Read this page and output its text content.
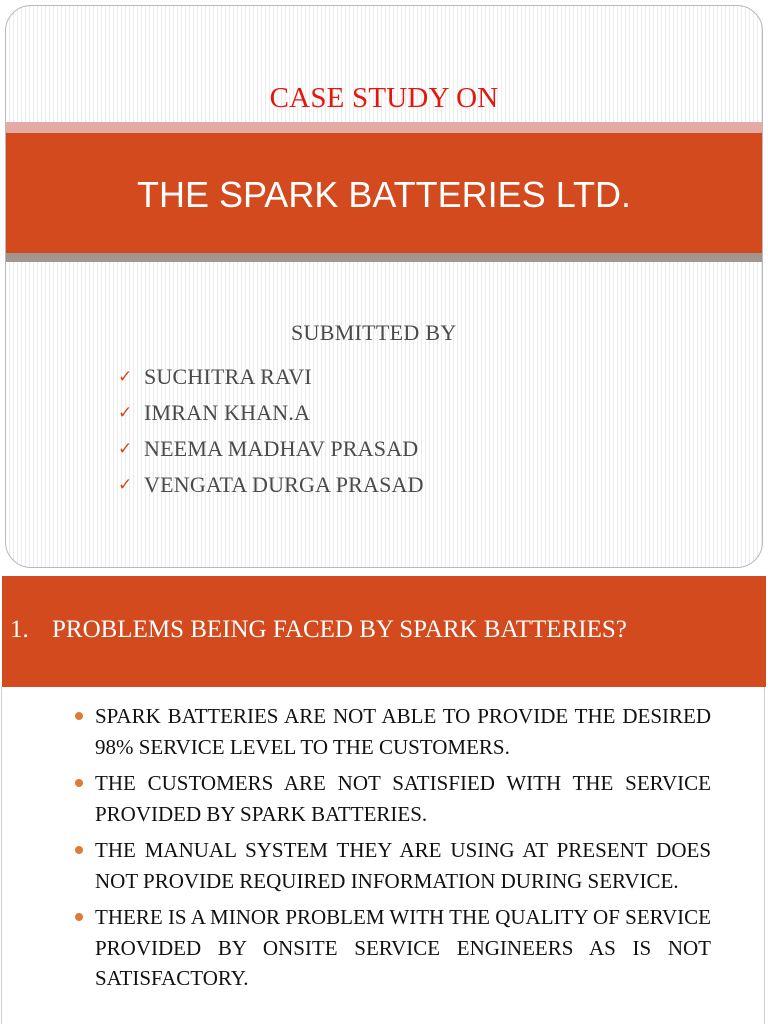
CASE STUDY ON
THE SPARK BATTERIES LTD.
SUBMITTED BY
✓ SUCHITRA RAVI
✓ IMRAN KHAN.A
✓ NEEMA MADHAV PRASAD
✓ VENGATA DURGA PRASAD
1. PROBLEMS BEING FACED BY SPARK BATTERIES?
SPARK BATTERIES ARE NOT ABLE TO PROVIDE THE DESIRED 98% SERVICE LEVEL TO THE CUSTOMERS.
THE CUSTOMERS ARE NOT SATISFIED WITH THE SERVICE PROVIDED BY SPARK BATTERIES.
THE MANUAL SYSTEM THEY ARE USING AT PRESENT DOES NOT PROVIDE REQUIRED INFORMATION DURING SERVICE.
THERE IS A MINOR PROBLEM WITH THE QUALITY OF SERVICE PROVIDED BY ONSITE SERVICE ENGINEERS AS IS NOT SATISFACTORY.
